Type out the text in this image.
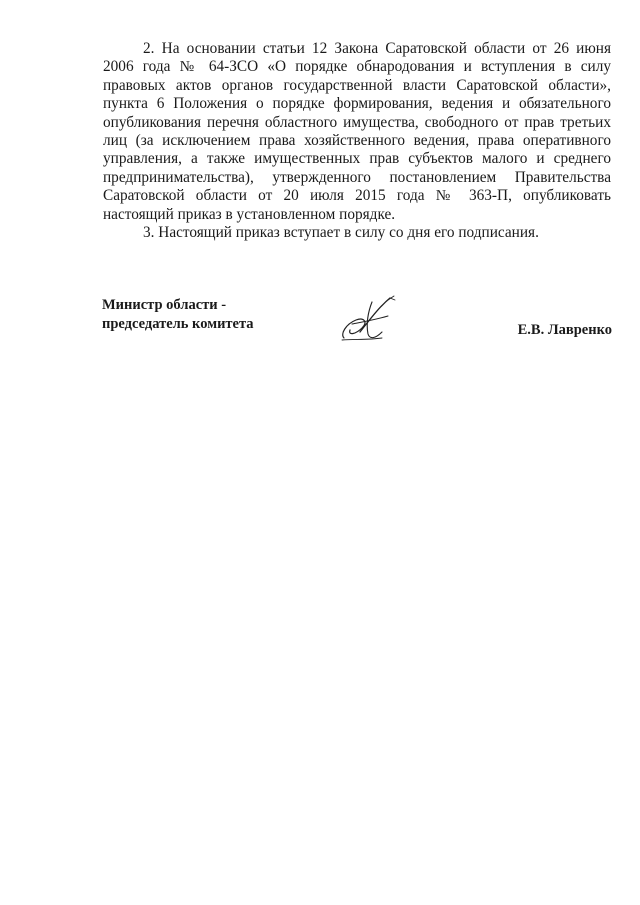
2. На основании статьи 12 Закона Саратовской области от 26 июня 2006 года № 64-ЗСО «О порядке обнародования и вступления в силу правовых актов органов государственной власти Саратовской области», пункта 6 Положения о порядке формирования, ведения и обязательного опубликования перечня областного имущества, свободного от прав третьих лиц (за исключением права хозяйственного ведения, права оперативного управления, а также имущественных прав субъектов малого и среднего предпринимательства), утвержденного постановлением Правительства Саратовской области от 20 июля 2015 года № 363-П, опубликовать настоящий приказ в установленном порядке.

3. Настоящий приказ вступает в силу со дня его подписания.

Министр области -
председатель комитета	Е.В. Лавренко
